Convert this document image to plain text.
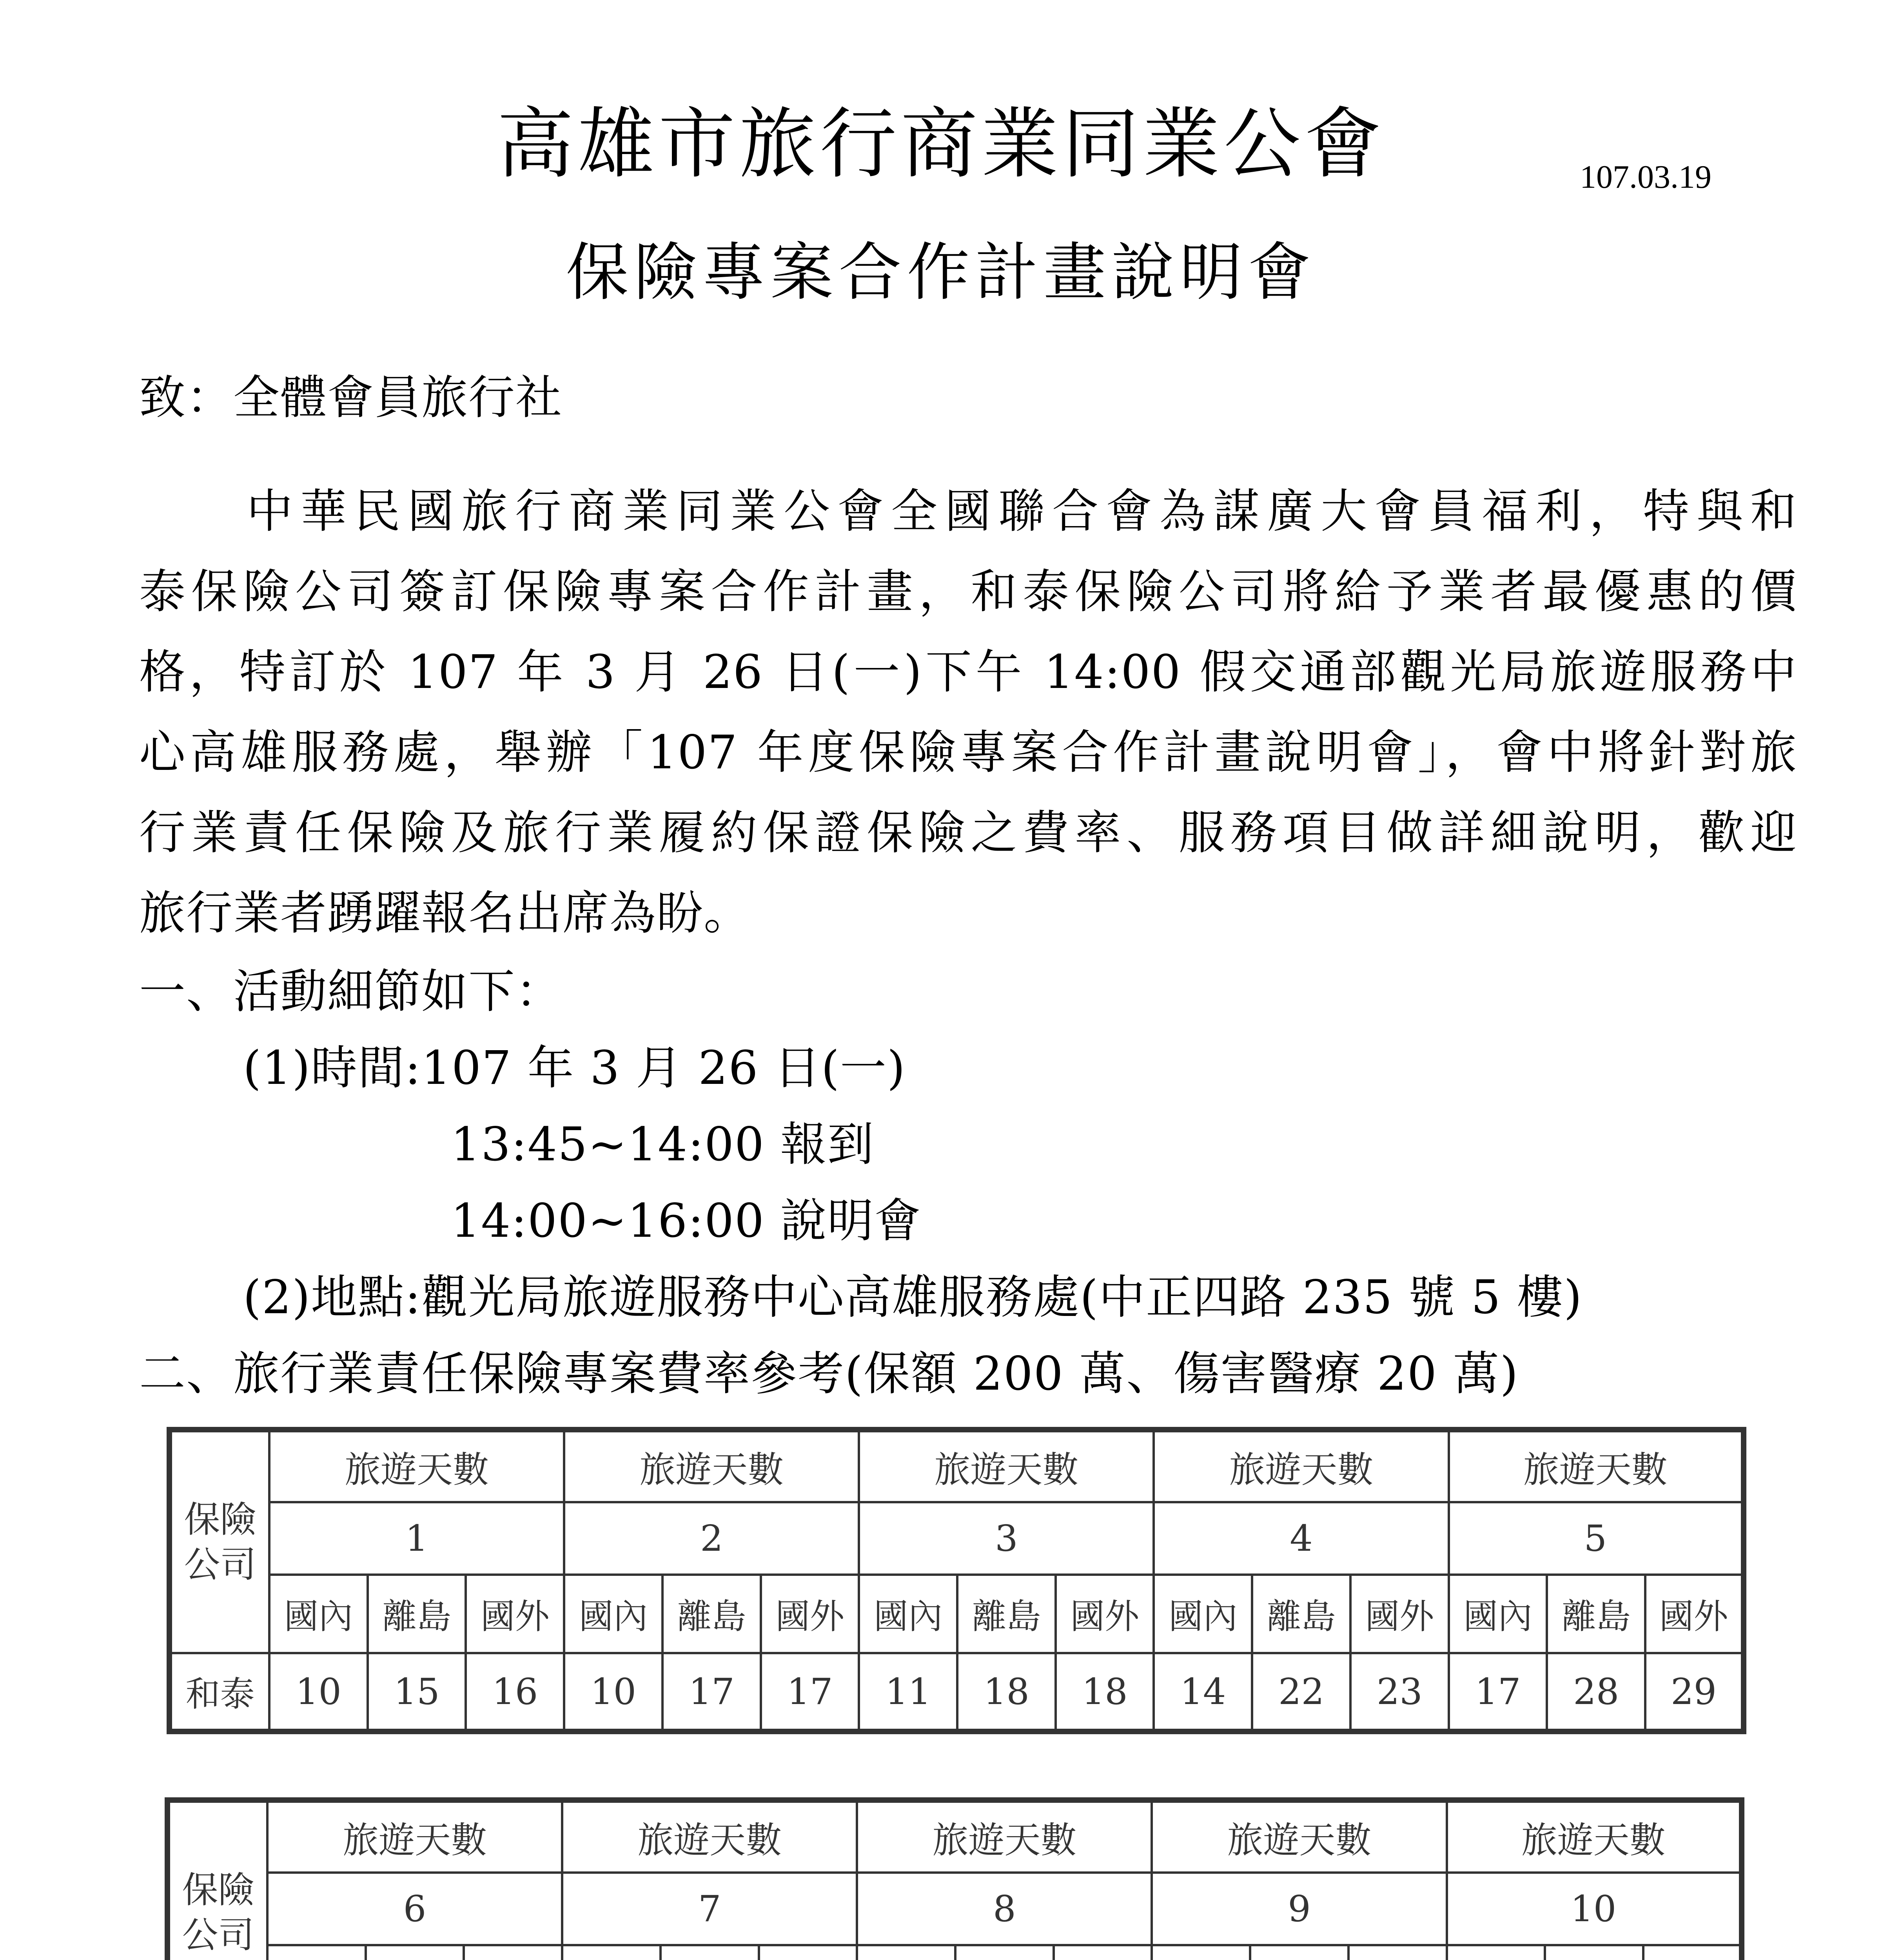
高雄市旅行商業同業公會	107.03.19
保險專案合作計畫說明會
致：全體會員旅行社
　　中華民國旅行商業同業公會全國聯合會為謀廣大會員福利，特與和
泰保險公司簽訂保險專案合作計畫，和泰保險公司將給予業者最優惠的價
格，特訂於 107 年 3 月 26 日(一)下午 14:00 假交通部觀光局旅遊服務中
心高雄服務處，舉辦「107 年度保險專案合作計畫說明會」，會中將針對旅
行業責任保險及旅行業履約保證保險之費率、服務項目做詳細說明，歡迎
旅行業者踴躍報名出席為盼。
一、活動細節如下：
(1)時間:107 年 3 月 26 日(一)
13:45~14:00 報到
14:00~16:00 說明會
(2)地點:觀光局旅遊服務中心高雄服務處(中正四路 235 號 5 樓)
二、旅行業責任保險專案費率參考(保額 200 萬、傷害醫療 20 萬)
保險
公司	旅遊天數			旅遊天數			旅遊天數			旅遊天數			旅遊天數		
	1			2			3			4			5		
	國內	離島	國外	國內	離島	國外	國內	離島	國外	國內	離島	國外	國內	離島	國外
和泰	10	15	16	10	17	17	11	18	18	14	22	23	17	28	29
保險
公司	旅遊天數			旅遊天數			旅遊天數			旅遊天數			旅遊天數		
	6			7			8			9			10		
